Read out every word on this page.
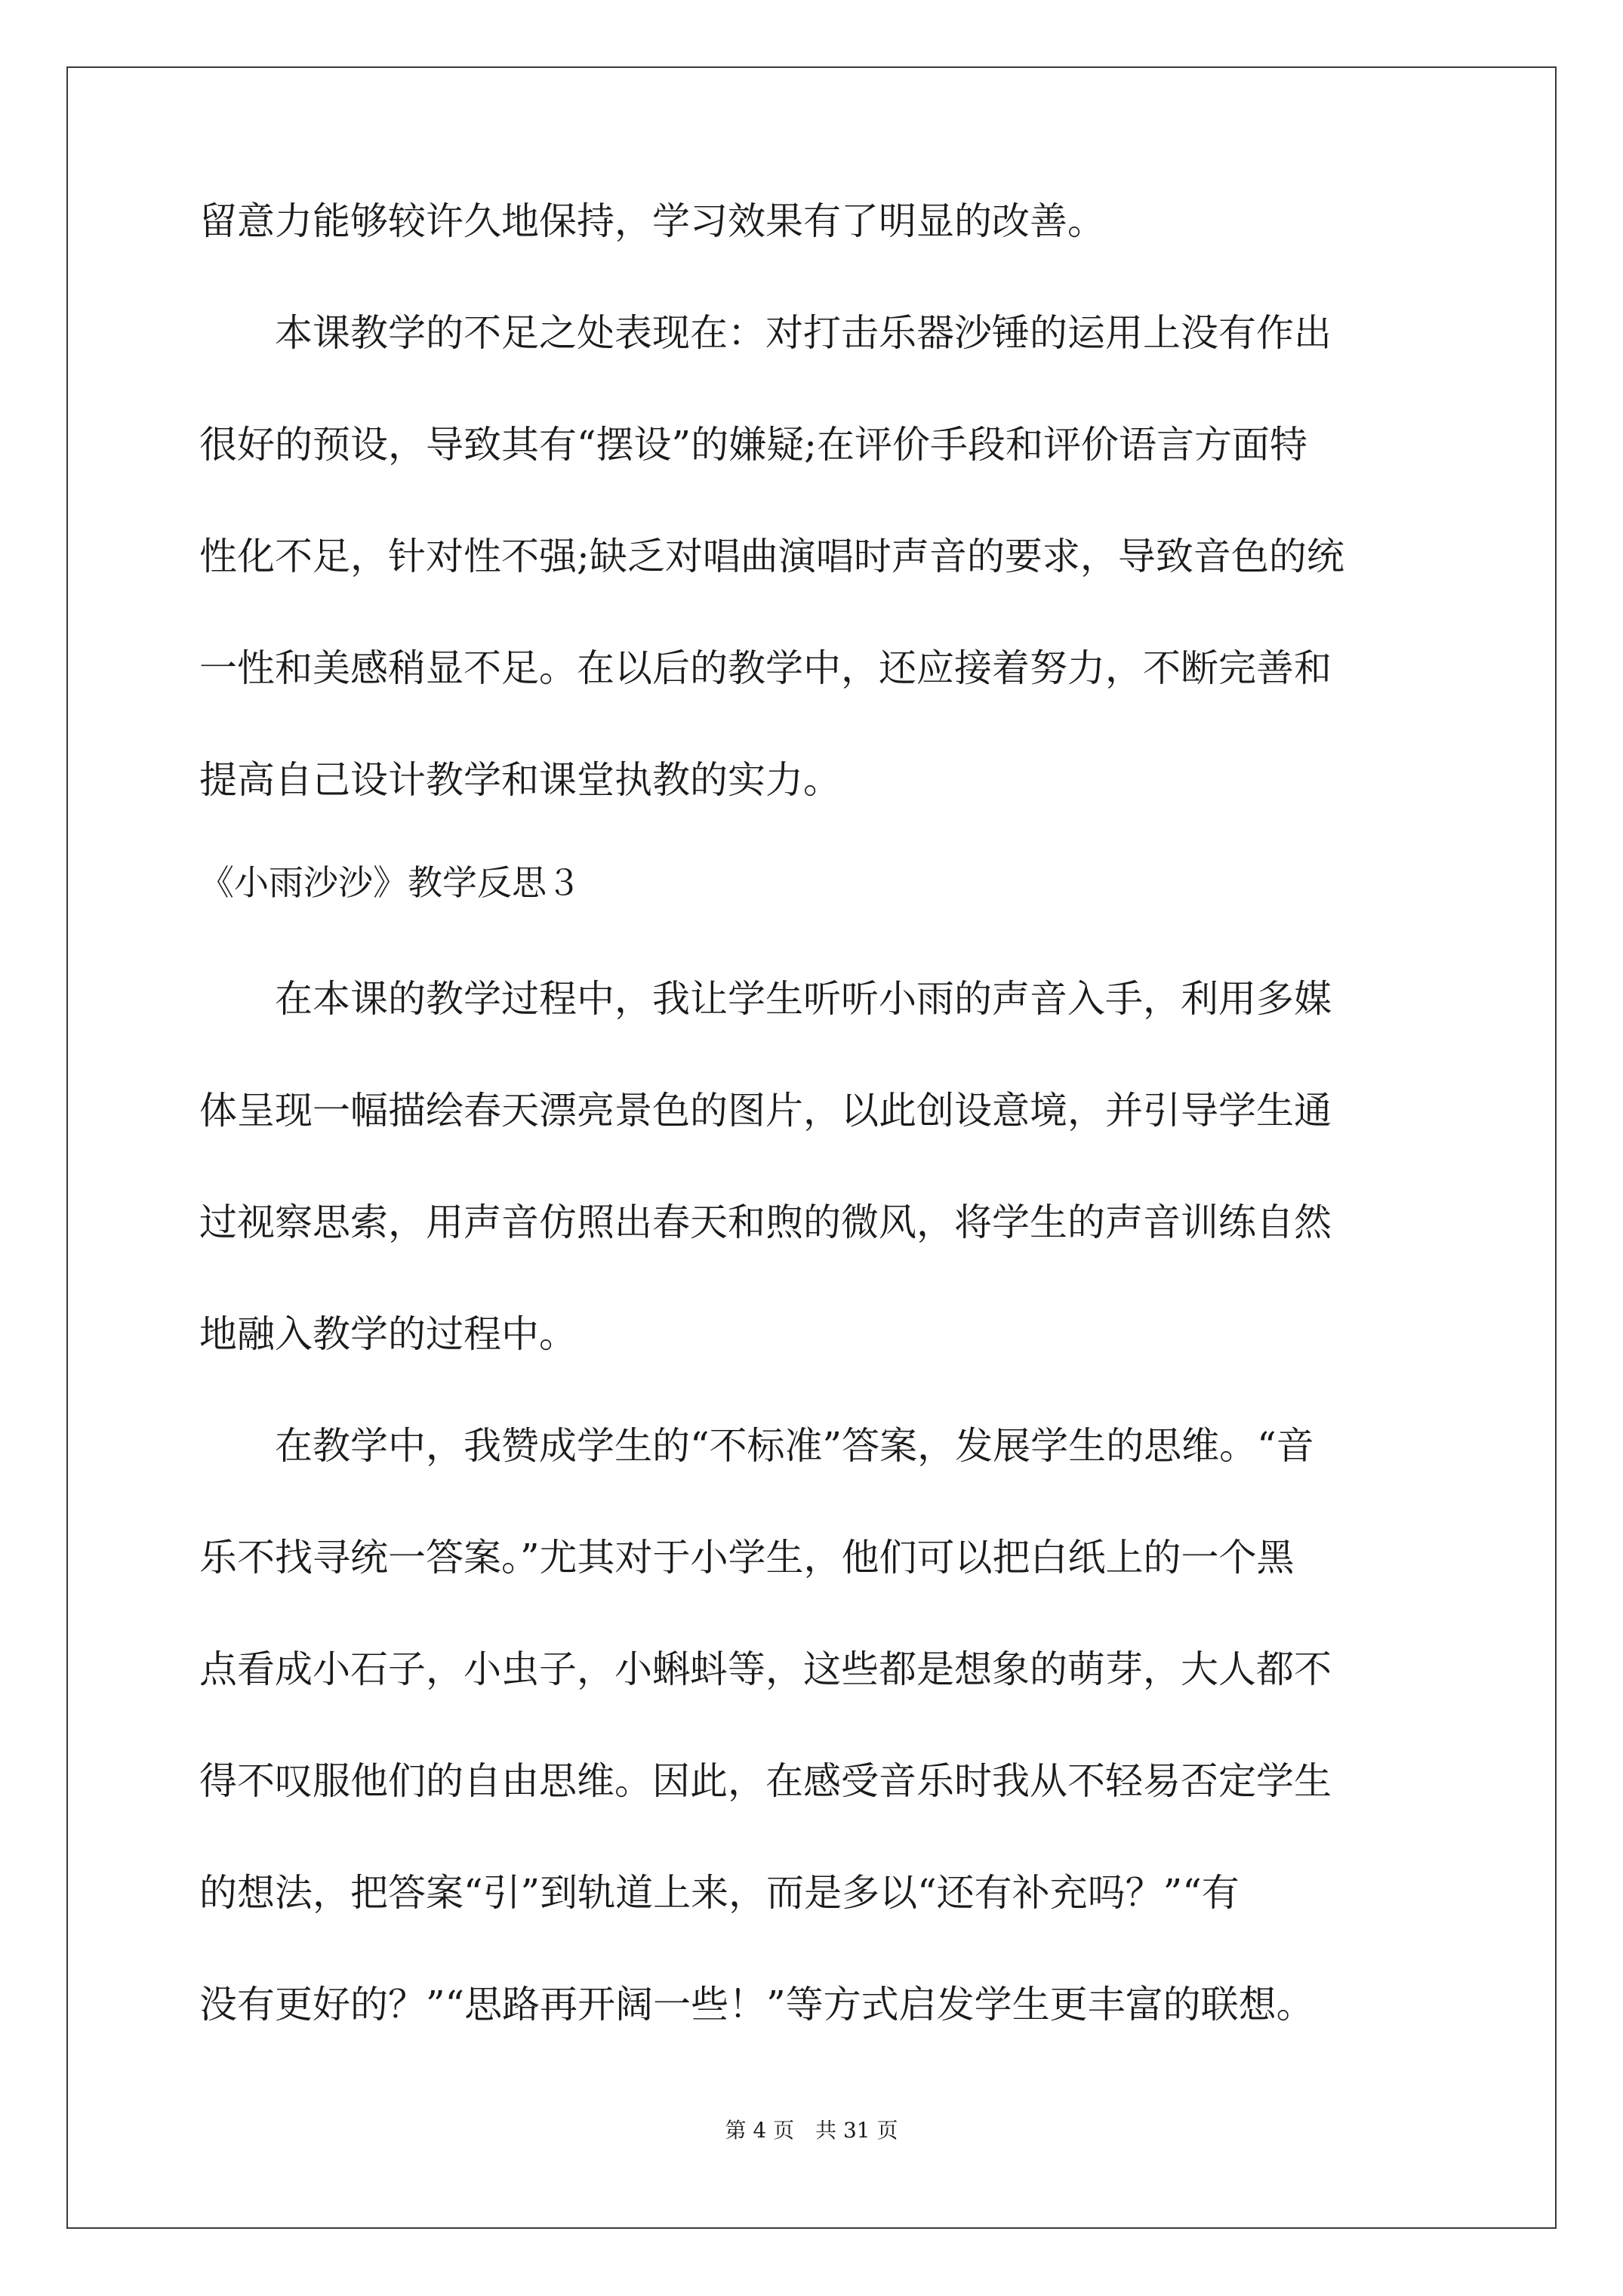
留意力能够较许久地保持，学习效果有了明显的改善。
　　本课教学的不足之处表现在：对打击乐器沙锤的运用上没有作出
很好的预设，导致其有“摆设”的嫌疑;在评价手段和评价语言方面特
性化不足，针对性不强;缺乏对唱曲演唱时声音的要求，导致音色的统
一性和美感稍显不足。在以后的教学中，还应接着努力，不断完善和
提高自己设计教学和课堂执教的实力。
《小雨沙沙》教学反思３
　　在本课的教学过程中，我让学生听听小雨的声音入手，利用多媒
体呈现一幅描绘春天漂亮景色的图片，以此创设意境，并引导学生通
过视察思索，用声音仿照出春天和煦的微风，将学生的声音训练自然
地融入教学的过程中。
　　在教学中，我赞成学生的“不标准”答案，发展学生的思维。“音
乐不找寻统一答案。”尤其对于小学生，他们可以把白纸上的一个黑
点看成小石子，小虫子，小蝌蚪等，这些都是想象的萌芽，大人都不
得不叹服他们的自由思维。因此，在感受音乐时我从不轻易否定学生
的想法，把答案“引”到轨道上来，而是多以“还有补充吗？”“有
没有更好的？”“思路再开阔一些！”等方式启发学生更丰富的联想。
第 4 页　共 31 页
